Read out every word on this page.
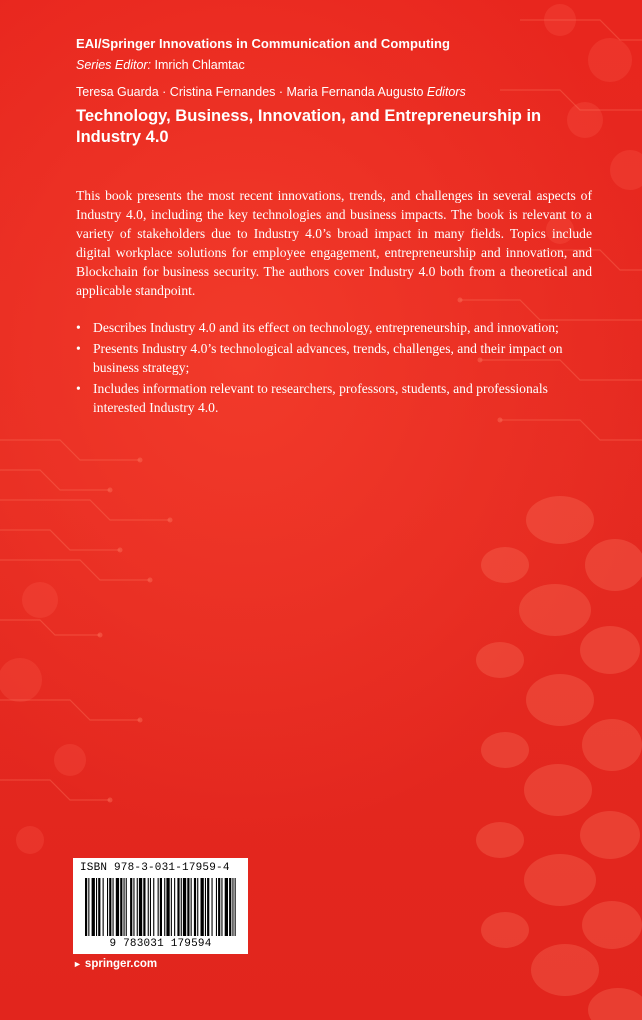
EAI/Springer Innovations in Communication and Computing
Series Editor: Imrich Chlamtac
Teresa Guarda · Cristina Fernandes · Maria Fernanda Augusto Editors
Technology, Business, Innovation, and Entrepreneurship in Industry 4.0

This book presents the most recent innovations, trends, and challenges in several aspects of Industry 4.0, including the key technologies and business impacts. The book is relevant to a variety of stakeholders due to Industry 4.0’s broad impact in many fields. Topics include digital workplace solutions for employee engagement, entrepreneurship and innovation, and Blockchain for business security. The authors cover Industry 4.0 both from a theoretical and applicable standpoint.

• Describes Industry 4.0 and its effect on technology, entrepreneurship, and innovation;
• Presents Industry 4.0’s technological advances, trends, challenges, and their impact on business strategy;
• Includes information relevant to researchers, professors, students, and professionals interested Industry 4.0.
ISBN 978-3-031-17959-4
9 783031 179594
► springer.com
